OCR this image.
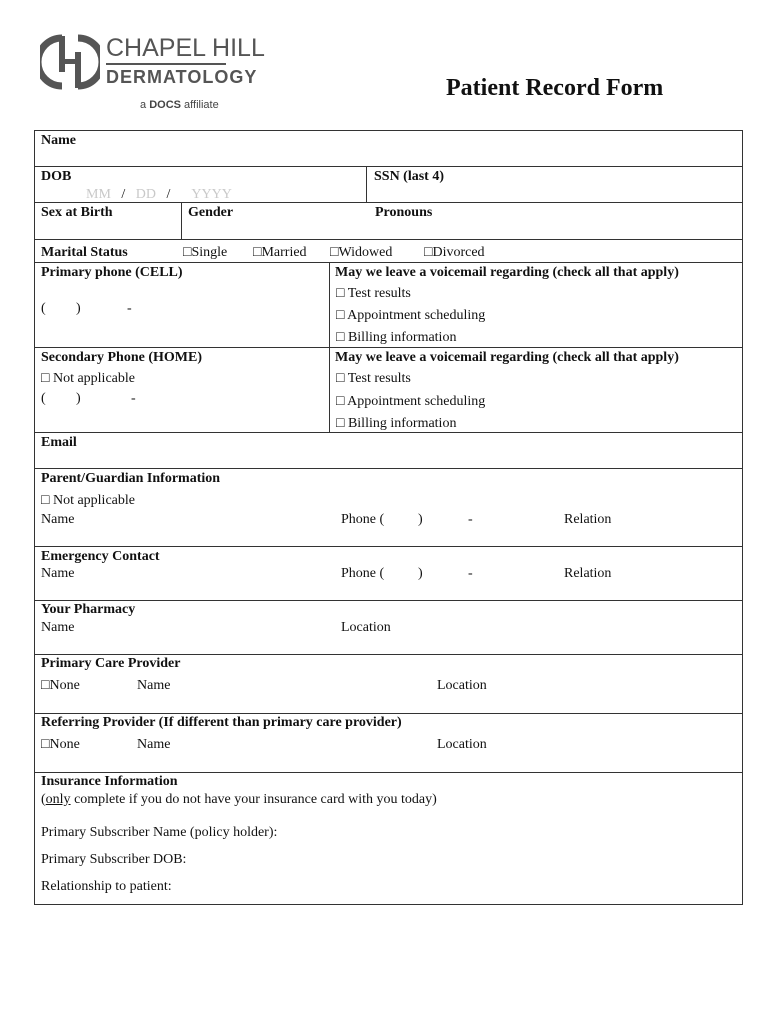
CHAPEL HILL
DERMATOLOGY
a DOCS affiliate
Patient Record Form
Name
DOB
MM / DD / YYYY
SSN (last 4)
Sex at Birth	Gender	Pronouns
Marital Status	□Single □Married □Widowed □Divorced
Primary phone (CELL)
( )	-
May we leave a voicemail regarding (check all that apply)
□ Test results
□ Appointment scheduling
□ Billing information
Secondary Phone (HOME)
□ Not applicable
( )	-
May we leave a voicemail regarding (check all that apply)
□ Test results
□ Appointment scheduling
□ Billing information
Email
Parent/Guardian Information
□ Not applicable
Name	Phone ( )	-	Relation
Emergency Contact
Name	Phone ( )	-	Relation
Your Pharmacy
Name	Location
Primary Care Provider
□None	Name	Location
Referring Provider (If different than primary care provider)
□None	Name	Location
Insurance Information
(only complete if you do not have your insurance card with you today)
Primary Subscriber Name (policy holder):
Primary Subscriber DOB:
Relationship to patient:
